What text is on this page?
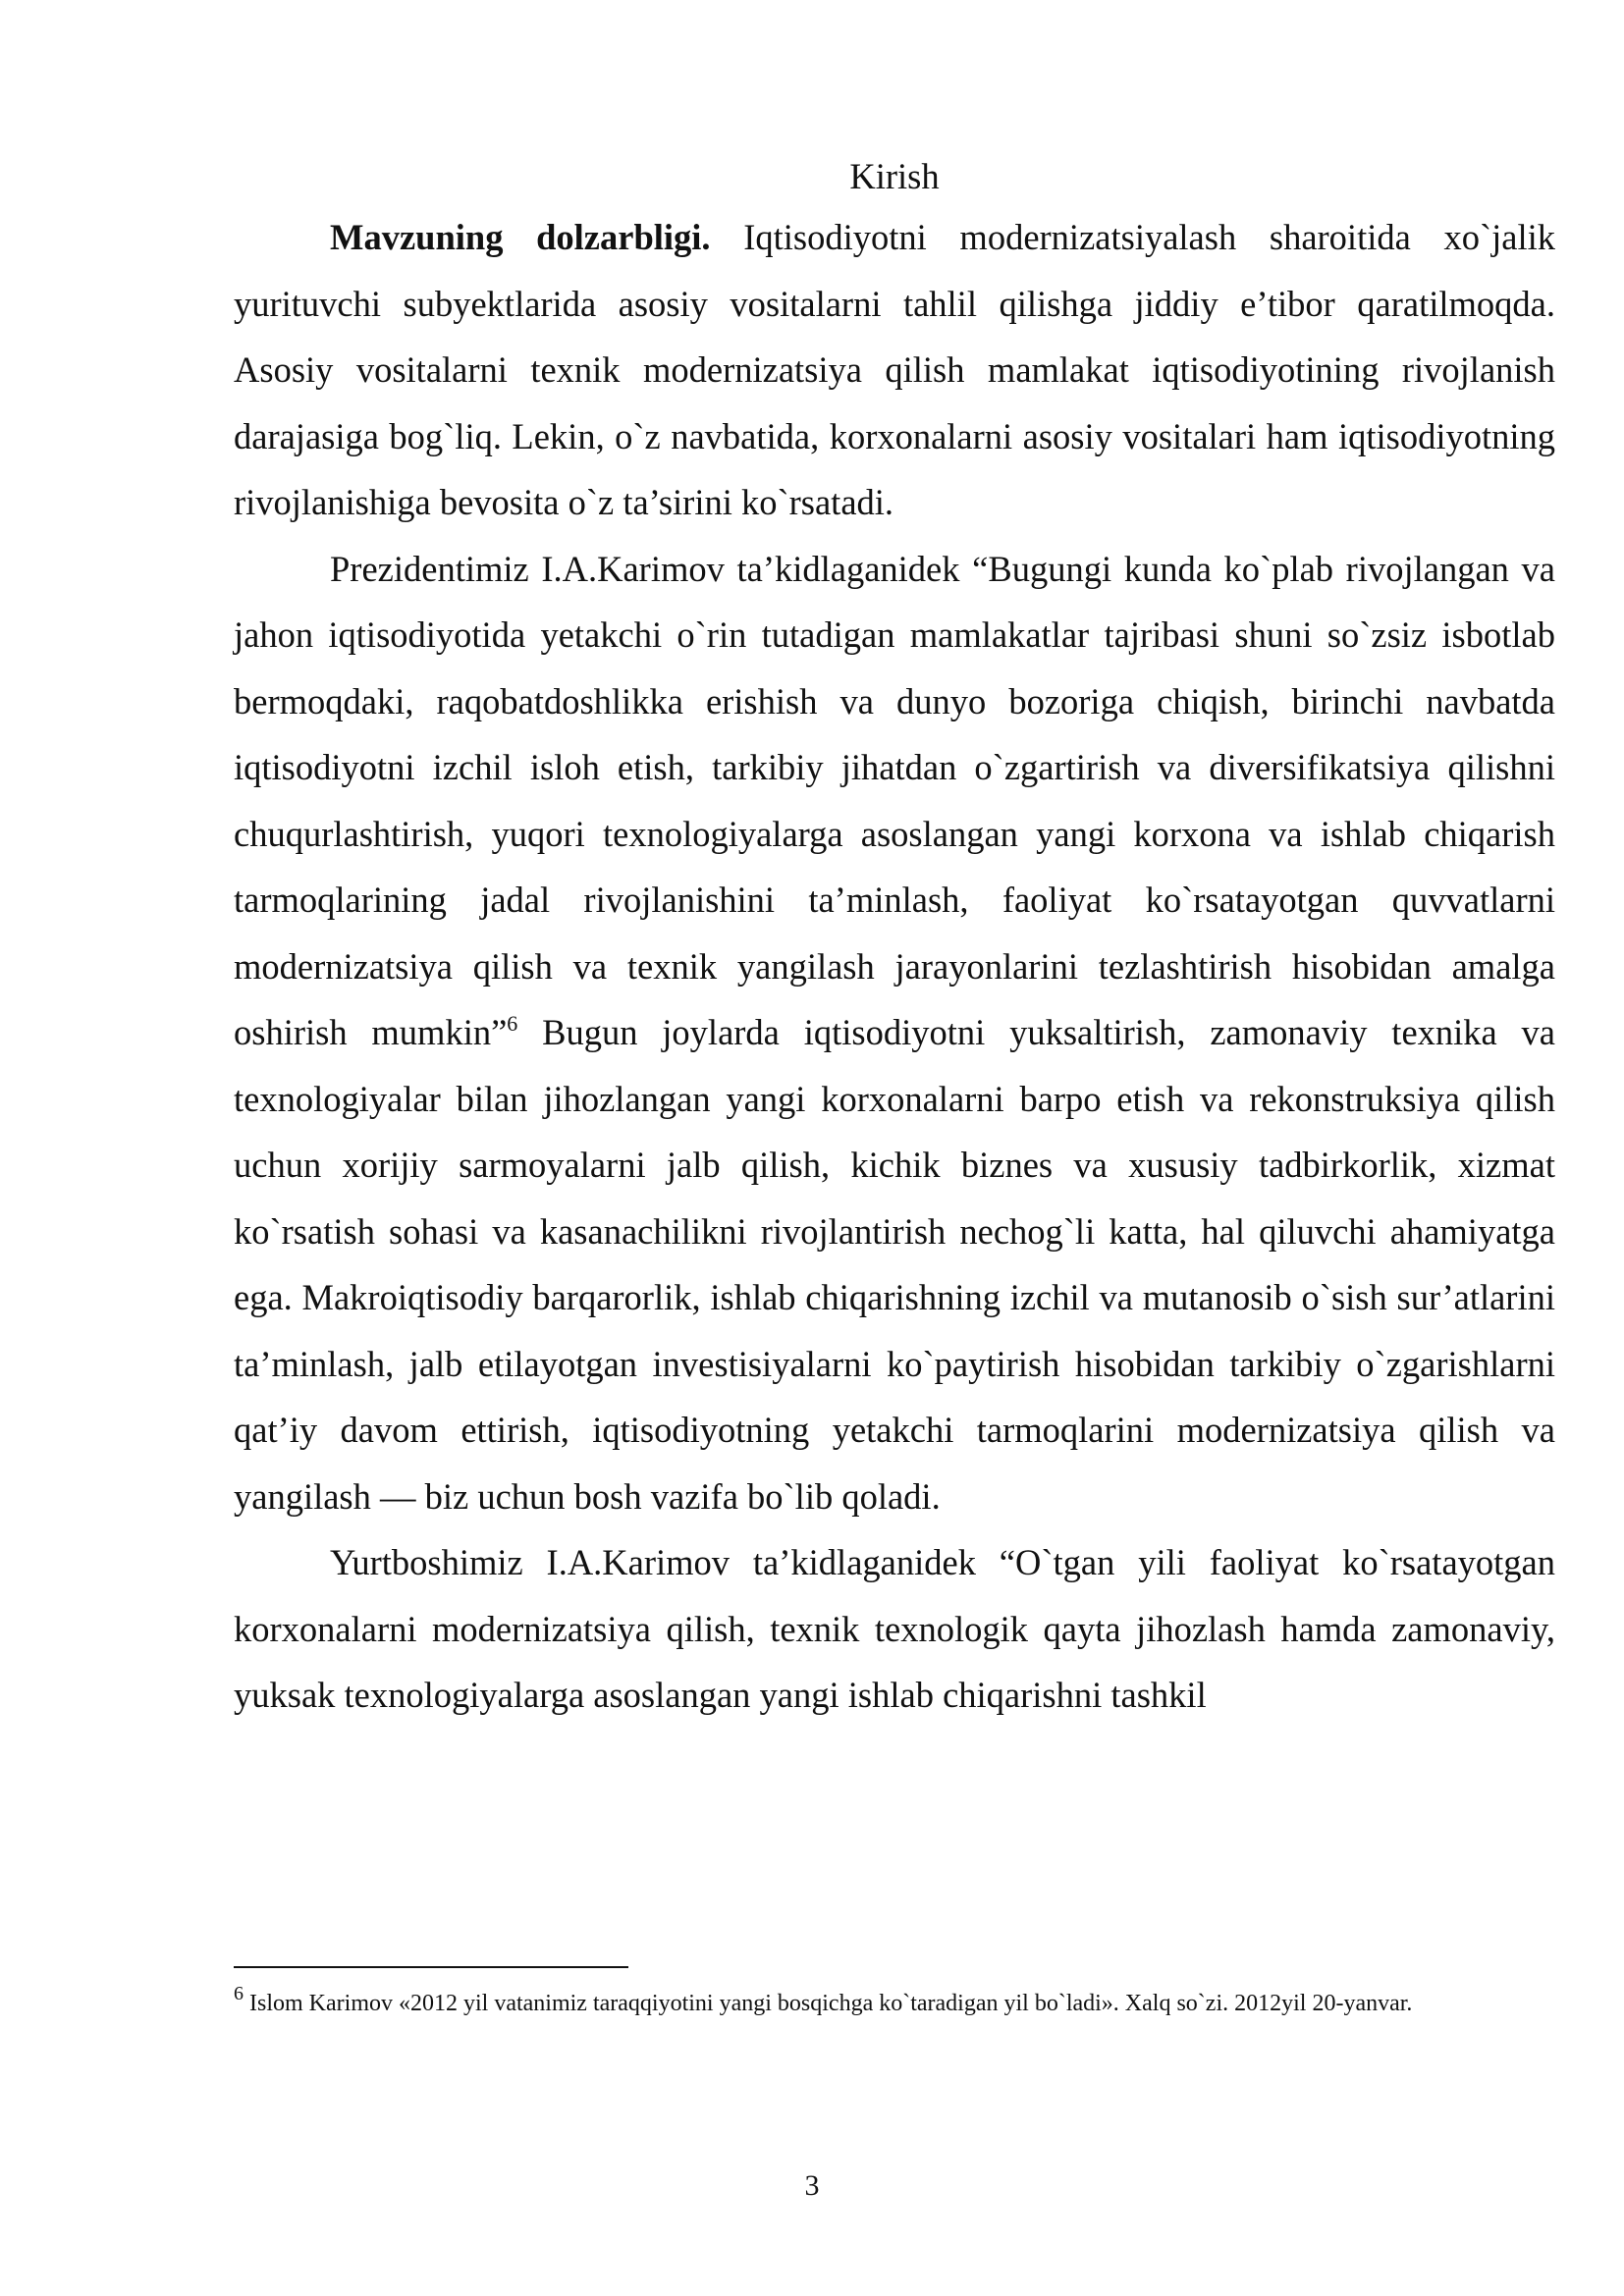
Kirish

Mavzuning dolzarbligi. Iqtisodiyotni modernizatsiyalash sharoitida xo`jalik yurituvchi subyektlarida asosiy vositalarni tahlil qilishga jiddiy e’tibor qaratilmoqda. Asosiy vositalarni texnik modernizatsiya qilish mamlakat iqtisodiyotining rivojlanish darajasiga bog`liq. Lekin, o`z navbatida, korxonalarni asosiy vositalari ham iqtisodiyotning rivojlanishiga bevosita o`z ta’sirini ko`rsatadi.

Prezidentimiz I.A.Karimov ta’kidlaganidek “Bugungi kunda ko`plab rivojlangan va jahon iqtisodiyotida yetakchi o`rin tutadigan mamlakatlar tajribasi shuni so`zsiz isbotlab bermoqdaki, raqobatdoshlikka erishish va dunyo bozoriga chiqish, birinchi navbatda iqtisodiyotni izchil isloh etish, tarkibiy jihatdan o`zgartirish va diversifikatsiya qilishni chuqurlashtirish, yuqori texnologiyalarga asoslangan yangi korxona va ishlab chiqarish tarmoqlarining jadal rivojlanishini ta’minlash, faoliyat ko`rsatayotgan quvvatlarni modernizatsiya qilish va texnik yangilash jarayonlarini tezlashtirish hisobidan amalga oshirish mumkin”$^6$ Bugun joylarda iqtisodiyotni yuksaltirish, zamonaviy texnika va texnologiyalar bilan jihozlangan yangi korxonalarni barpo etish va rekonstruksiya qilish uchun xorijiy sarmoyalarni jalb qilish, kichik biznes va xususiy tadbirkorlik, xizmat ko`rsatish sohasi va kasanachilikni rivojlantirish nechog`li katta, hal qiluvchi ahamiyatga ega. Makroiqtisodiy barqarorlik, ishlab chiqarishning izchil va mutanosib o`sish sur’atlarini ta’minlash, jalb etilayotgan investisiyalarni ko`paytirish hisobidan tarkibiy o`zgarishlarni qat’iy davom ettirish, iqtisodiyotning yetakchi tarmoqlarini modernizatsiya qilish va yangilash — biz uchun bosh vazifa bo`lib qoladi.

Yurtboshimiz I.A.Karimov ta’kidlaganidek “O`tgan yili faoliyat ko`rsatayotgan korxonalarni modernizatsiya qilish, texnik texnologik qayta jihozlash hamda zamonaviy, yuksak texnologiyalarga asoslangan yangi ishlab chiqarishni tashkil

$^6$ Islom Karimov «2012 yil vatanimiz taraqqiyotini yangi bosqichga ko`taradigan yil bo`ladi». Xalq so`zi. 2012yil 20-yanvar.
3
